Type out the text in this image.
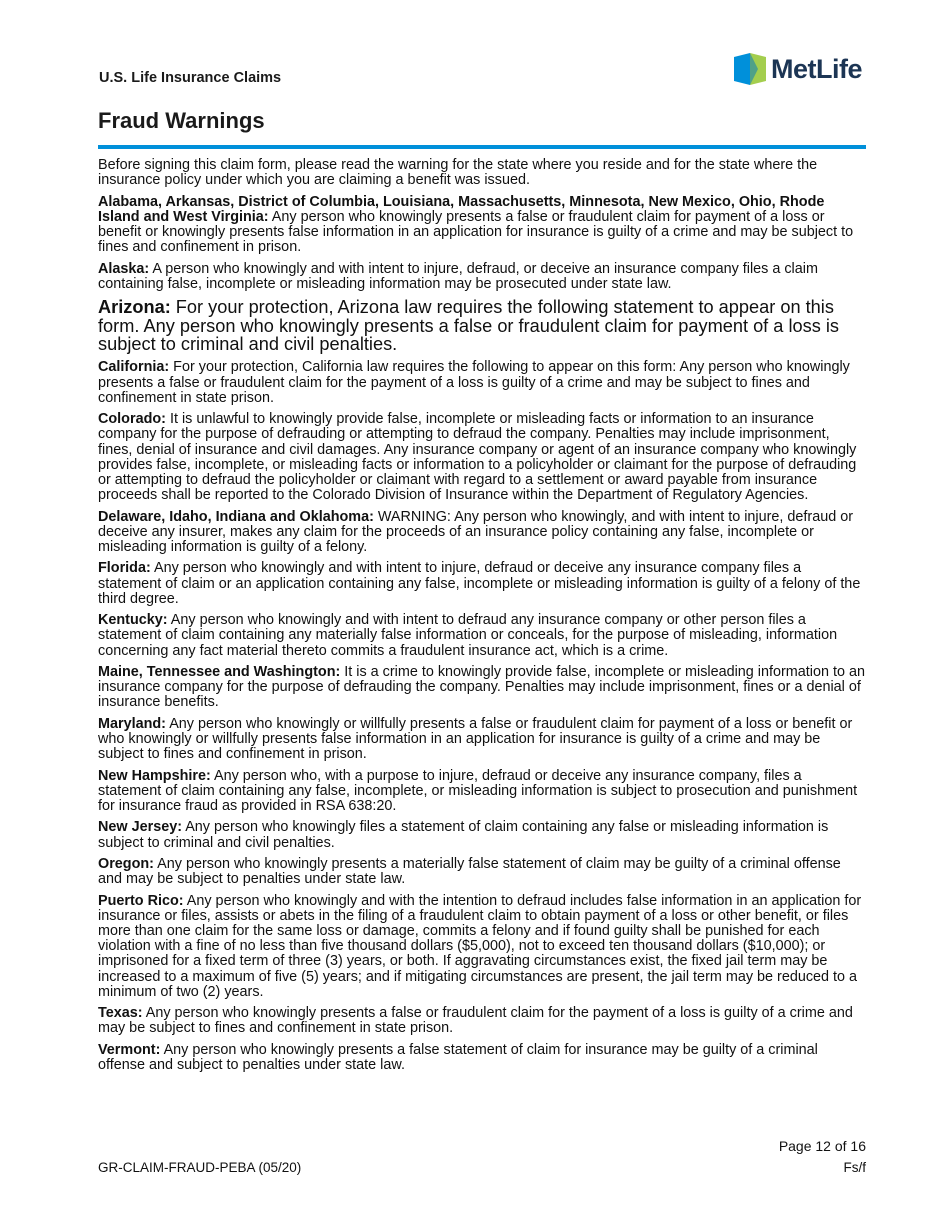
U.S. Life Insurance Claims	MetLife
Fraud Warnings

Before signing this claim form, please read the warning for the state where you reside and for the state where the insurance policy under which you are claiming a benefit was issued.

Alabama, Arkansas, District of Columbia, Louisiana, Massachusetts, Minnesota, New Mexico, Ohio, Rhode Island and West Virginia: Any person who knowingly presents a false or fraudulent claim for payment of a loss or benefit or knowingly presents false information in an application for insurance is guilty of a crime and may be subject to fines and confinement in prison.

Alaska: A person who knowingly and with intent to injure, defraud, or deceive an insurance company files a claim containing false, incomplete or misleading information may be prosecuted under state law.

Arizona: For your protection, Arizona law requires the following statement to appear on this form. Any person who knowingly presents a false or fraudulent claim for payment of a loss is subject to criminal and civil penalties.

California: For your protection, California law requires the following to appear on this form: Any person who knowingly presents a false or fraudulent claim for the payment of a loss is guilty of a crime and may be subject to fines and confinement in state prison.

Colorado: It is unlawful to knowingly provide false, incomplete or misleading facts or information to an insurance company for the purpose of defrauding or attempting to defraud the company. Penalties may include imprisonment, fines, denial of insurance and civil damages. Any insurance company or agent of an insurance company who knowingly provides false, incomplete, or misleading facts or information to a policyholder or claimant for the purpose of defrauding or attempting to defraud the policyholder or claimant with regard to a settlement or award payable from insurance proceeds shall be reported to the Colorado Division of Insurance within the Department of Regulatory Agencies.

Delaware, Idaho, Indiana and Oklahoma: WARNING: Any person who knowingly, and with intent to injure, defraud or deceive any insurer, makes any claim for the proceeds of an insurance policy containing any false, incomplete or misleading information is guilty of a felony.

Florida: Any person who knowingly and with intent to injure, defraud or deceive any insurance company files a statement of claim or an application containing any false, incomplete or misleading information is guilty of a felony of the third degree.

Kentucky: Any person who knowingly and with intent to defraud any insurance company or other person files a statement of claim containing any materially false information or conceals, for the purpose of misleading, information concerning any fact material thereto commits a fraudulent insurance act, which is a crime.

Maine, Tennessee and Washington: It is a crime to knowingly provide false, incomplete or misleading information to an insurance company for the purpose of defrauding the company. Penalties may include imprisonment, fines or a denial of insurance benefits.

Maryland: Any person who knowingly or willfully presents a false or fraudulent claim for payment of a loss or benefit or who knowingly or willfully presents false information in an application for insurance is guilty of a crime and may be subject to fines and confinement in prison.

New Hampshire: Any person who, with a purpose to injure, defraud or deceive any insurance company, files a statement of claim containing any false, incomplete, or misleading information is subject to prosecution and punishment for insurance fraud as provided in RSA 638:20.

New Jersey: Any person who knowingly files a statement of claim containing any false or misleading information is subject to criminal and civil penalties.

Oregon: Any person who knowingly presents a materially false statement of claim may be guilty of a criminal offense and may be subject to penalties under state law.

Puerto Rico: Any person who knowingly and with the intention to defraud includes false information in an application for insurance or files, assists or abets in the filing of a fraudulent claim to obtain payment of a loss or other benefit, or files more than one claim for the same loss or damage, commits a felony and if found guilty shall be punished for each violation with a fine of no less than five thousand dollars ($5,000), not to exceed ten thousand dollars ($10,000); or imprisoned for a fixed term of three (3) years, or both. If aggravating circumstances exist, the fixed jail term may be increased to a maximum of five (5) years; and if mitigating circumstances are present, the jail term may be reduced to a minimum of two (2) years.

Texas: Any person who knowingly presents a false or fraudulent claim for the payment of a loss is guilty of a crime and may be subject to fines and confinement in state prison.

Vermont: Any person who knowingly presents a false statement of claim for insurance may be guilty of a criminal offense and subject to penalties under state law.

Page 12 of 16
GR-CLAIM-FRAUD-PEBA (05/20)	Fs/f
